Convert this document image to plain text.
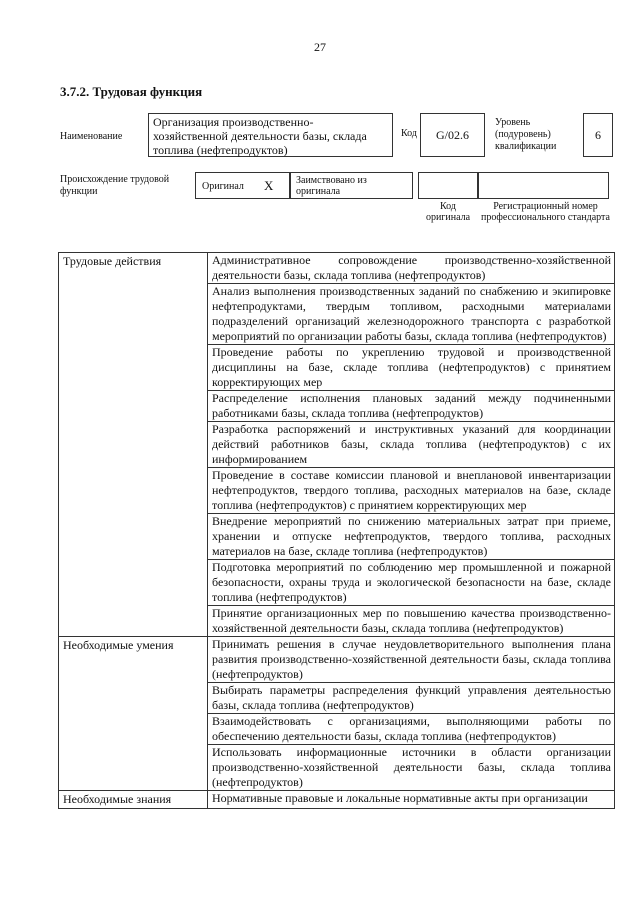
27
3.7.2. Трудовая функция
Наименование
Организация производственно-хозяйственной деятельности базы, склада топлива (нефтепродуктов)
Код	G/02.6
Уровень (подуровень) квалификации
6
Происхождение трудовой функции	Оригинал X Заимствовано из оригинала
Код оригинала
Регистрационный номер профессионального стандарта
Трудовые действия	Административное сопровождение производственно-хозяйственной деятельности базы, склада топлива (нефтепродуктов)
	Анализ выполнения производственных заданий по снабжению и экипировке нефтепродуктами, твердым топливом, расходными материалами подразделений организаций железнодорожного транспорта с разработкой мероприятий по организации работы базы, склада топлива (нефтепродуктов)
	Проведение работы по укреплению трудовой и производственной дисциплины на базе, складе топлива (нефтепродуктов) с принятием корректирующих мер
	Распределение исполнения плановых заданий между подчиненными работниками базы, склада топлива (нефтепродуктов)
	Разработка распоряжений и инструктивных указаний для координации действий работников базы, склада топлива (нефтепродуктов) с их информированием
	Проведение в составе комиссии плановой и внеплановой инвентаризации нефтепродуктов, твердого топлива, расходных материалов на базе, складе топлива (нефтепродуктов) с принятием корректирующих мер
	Внедрение мероприятий по снижению материальных затрат при приеме, хранении и отпуске нефтепродуктов, твердого топлива, расходных материалов на базе, складе топлива (нефтепродуктов)
	Подготовка мероприятий по соблюдению мер промышленной и пожарной безопасности, охраны труда и экологической безопасности на базе, складе топлива (нефтепродуктов)
	Принятие организационных мер по повышению качества производственно-хозяйственной деятельности базы, склада топлива (нефтепродуктов)
Необходимые умения	Принимать решения в случае неудовлетворительного выполнения плана развития производственно-хозяйственной деятельности базы, склада топлива (нефтепродуктов)
	Выбирать параметры распределения функций управления деятельностью базы, склада топлива (нефтепродуктов)
	Взаимодействовать с организациями, выполняющими работы по обеспечению деятельности базы, склада топлива (нефтепродуктов)
	Использовать информационные источники в области организации производственно-хозяйственной деятельности базы, склада топлива (нефтепродуктов)
Необходимые знания	Нормативные правовые и локальные нормативные акты при организации
